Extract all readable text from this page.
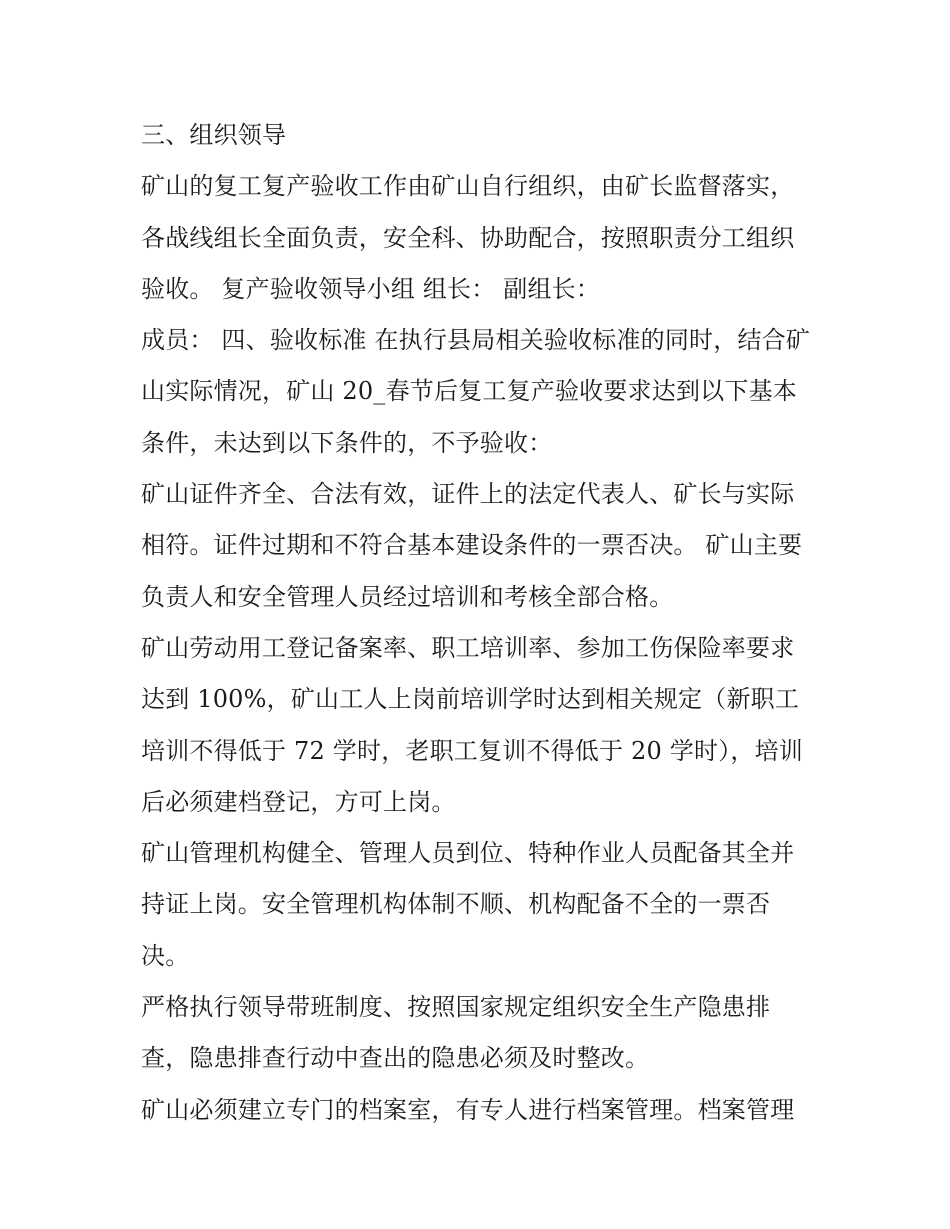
三、组织领导

矿山的复工复产验收工作由矿山自行组织，由矿长监督落实，各战线组长全面负责，安全科、协助配合，按照职责分工组织验收。 复产验收领导小组 组长： 副组长：

成员： 四、验收标准 在执行县局相关验收标准的同时，结合矿山实际情况，矿山 20_春节后复工复产验收要求达到以下基本条件，未达到以下条件的，不予验收：

矿山证件齐全、合法有效，证件上的法定代表人、矿长与实际相符。证件过期和不符合基本建设条件的一票否决。 矿山主要负责人和安全管理人员经过培训和考核全部合格。

矿山劳动用工登记备案率、职工培训率、参加工伤保险率要求达到 100%，矿山工人上岗前培训学时达到相关规定（新职工培训不得低于 72 学时，老职工复训不得低于 20 学时），培训后必须建档登记，方可上岗。

矿山管理机构健全、管理人员到位、特种作业人员配备其全并持证上岗。安全管理机构体制不顺、机构配备不全的一票否决。

严格执行领导带班制度、按照国家规定组织安全生产隐患排查，隐患排查行动中查出的隐患必须及时整改。

矿山必须建立专门的档案室，有专人进行档案管理。档案管理
